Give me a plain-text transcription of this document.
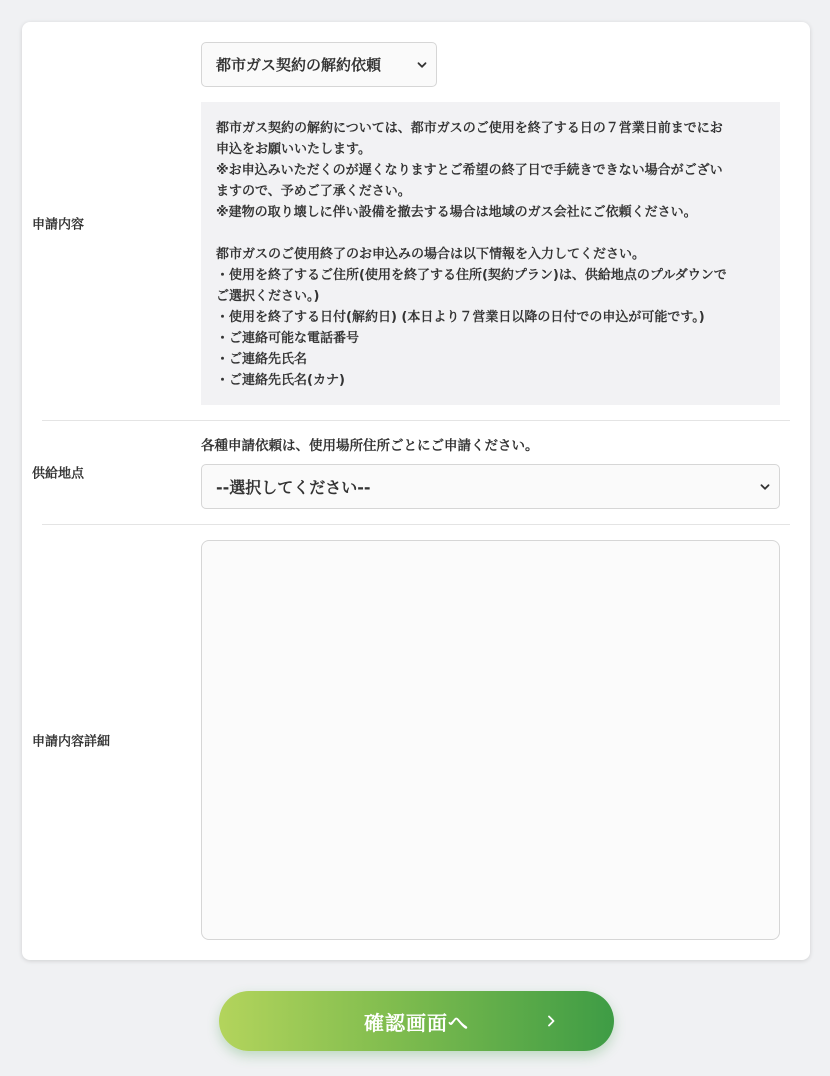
申請内容
都市ガス契約の解約依頼

都市ガス契約の解約については、都市ガスのご使用を終了する日の７営業日前までにお

申込をお願いいたします。

※お申込みいただくのが遅くなりますとご希望の終了日で手続きできない場合がござい

ますので、予めご了承ください。

※建物の取り壊しに伴い設備を撤去する場合は地域のガス会社にご依頼ください。

都市ガスのご使用終了のお申込みの場合は以下情報を入力してください。

・使用を終了するご住所(使用を終了する住所(契約プラン)は、供給地点のプルダウンで

ご選択ください。)

・使用を終了する日付(解約日) (本日より７営業日以降の日付での申込が可能です。)

・ご連絡可能な電話番号

・ご連絡先氏名

・ご連絡先氏名(カナ)

供給地点
各種申請依頼は、使用場所住所ごとにご申請ください。
--選択してください--
申請内容詳細
確認画面へ
